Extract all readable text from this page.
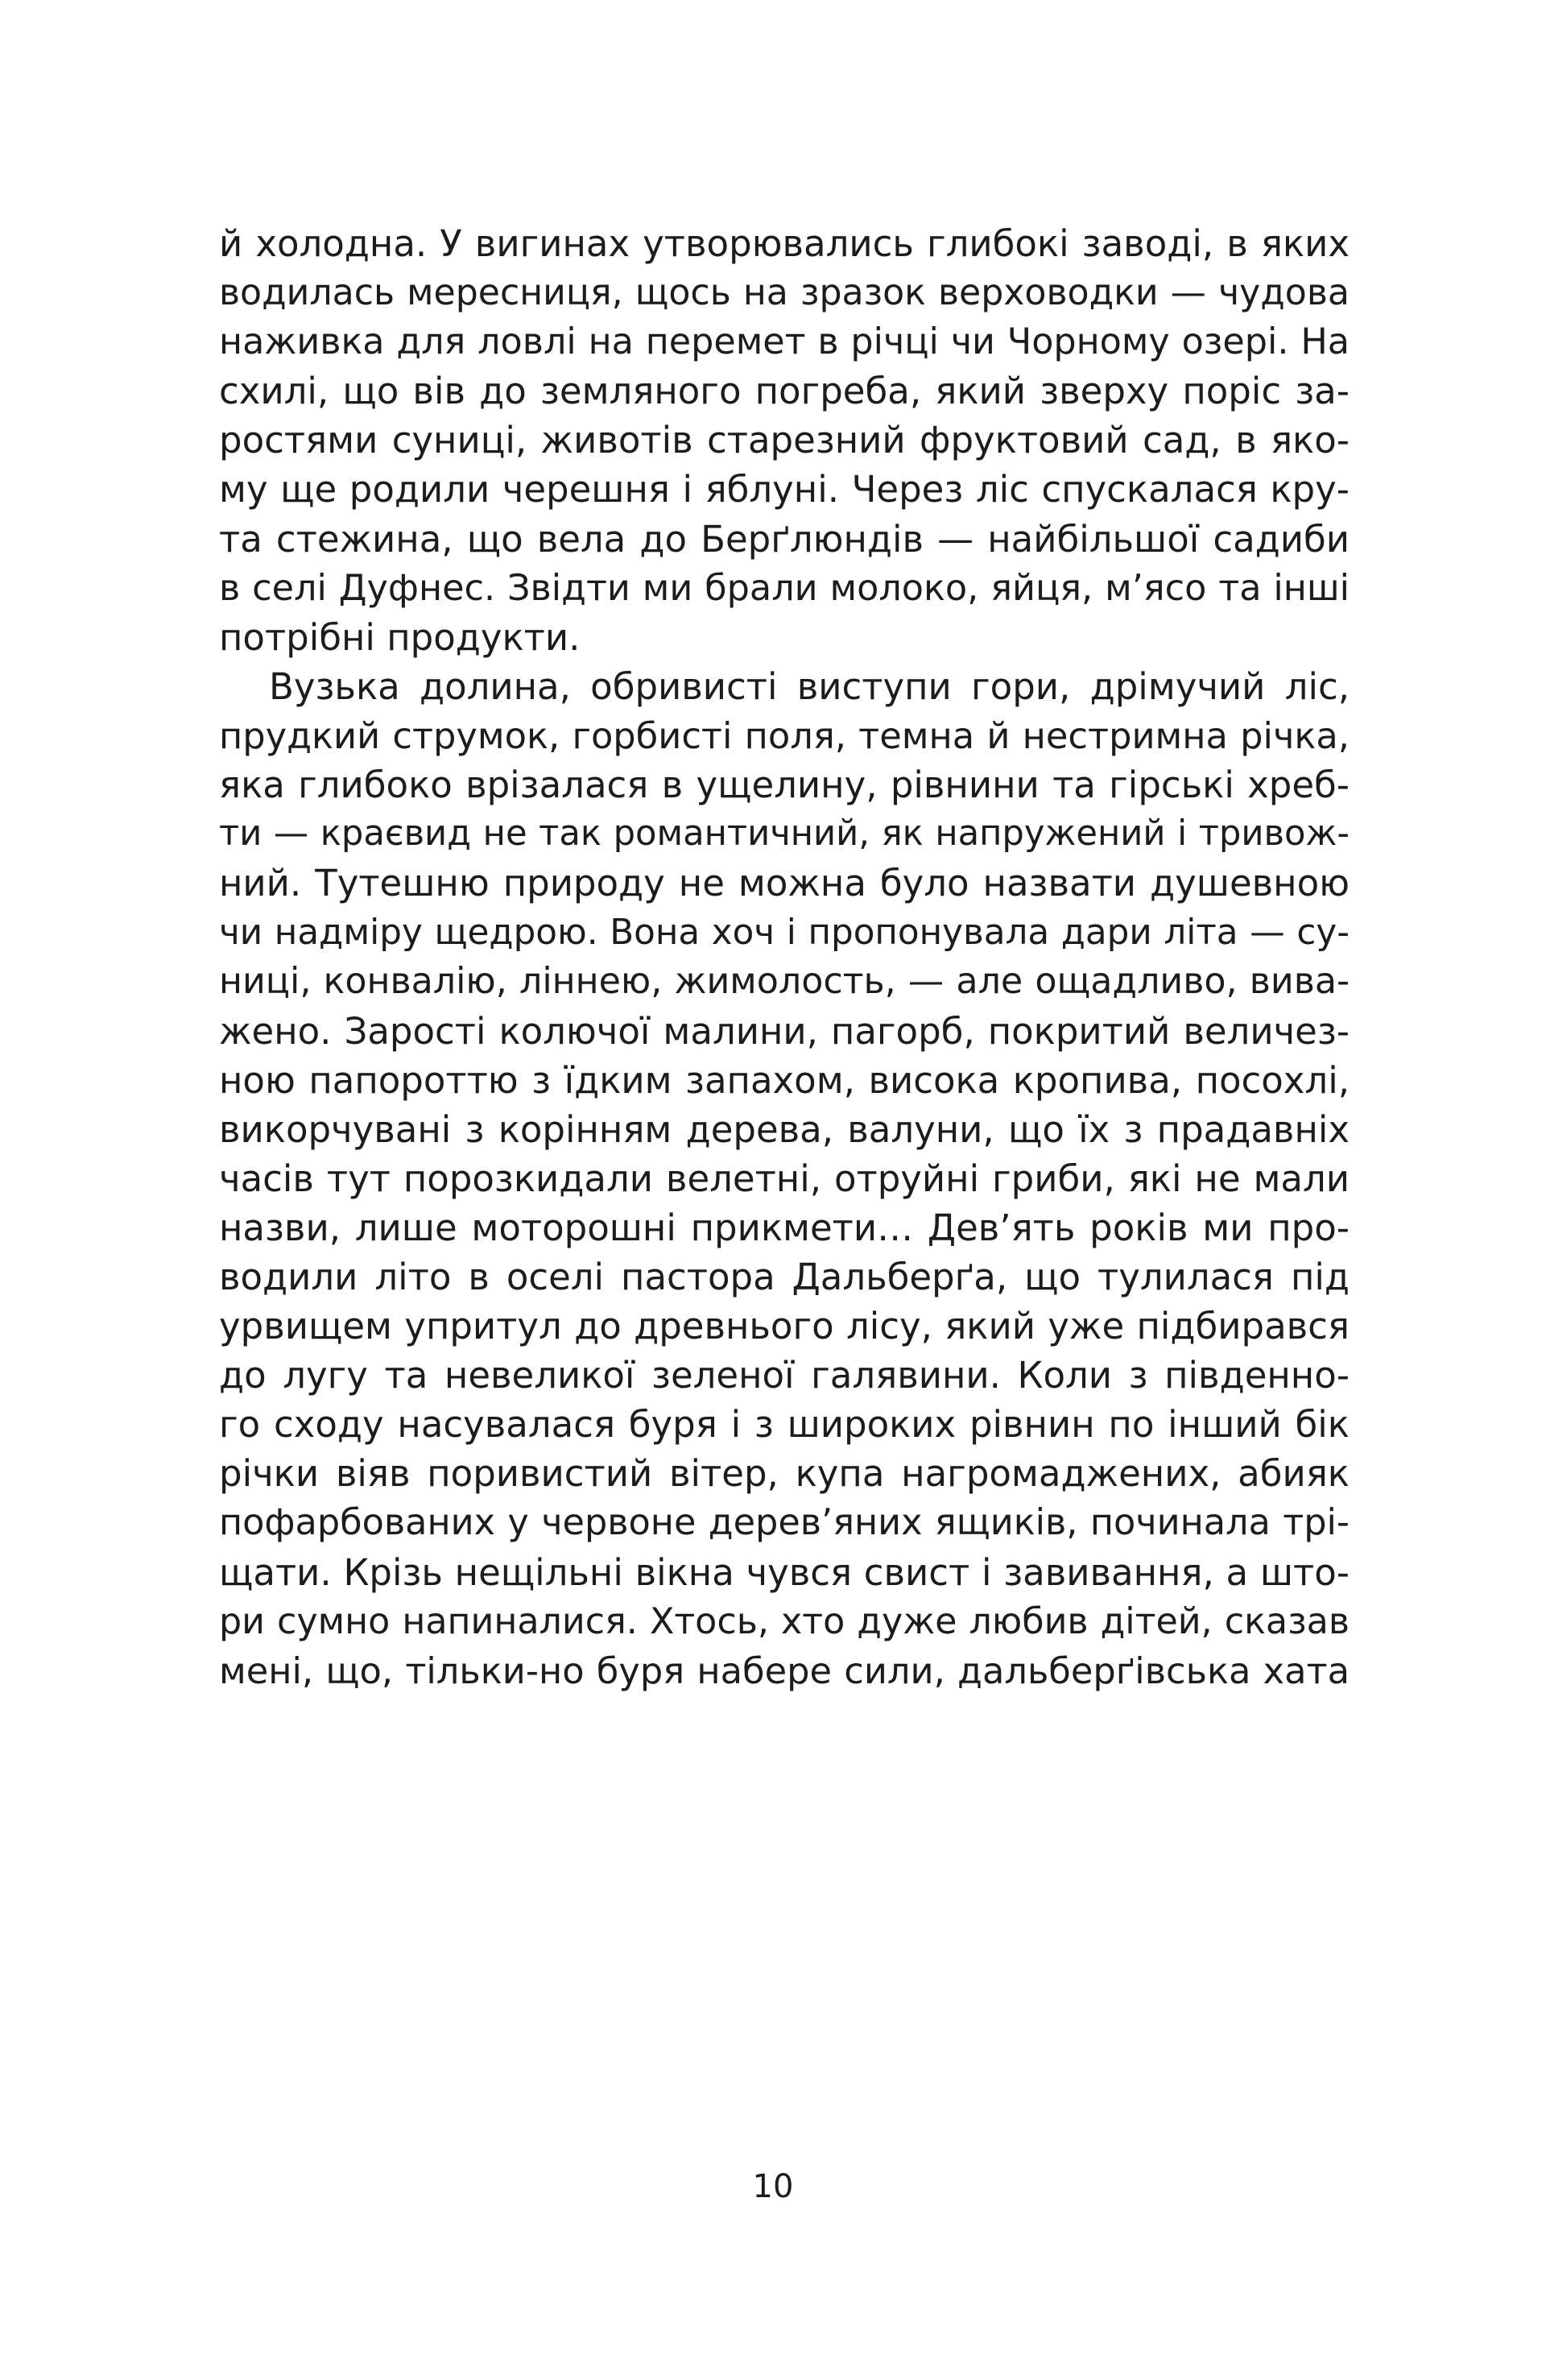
й холодна. У вигинах утворювались глибокі заводі, в яких
водилась мересниця, щось на зразок верховодки — чудова
наживка для ловлі на перемет в річці чи Чорному озері. На
схилі, що вів до земляного погреба, який зверху поріс за-
ростями суниці, животів старезний фруктовий сад, в яко-
му ще родили черешня і яблуні. Через ліс спускалася кру-
та стежина, що вела до Берґлюндів — найбільшої садиби
в селі Дуфнес. Звідти ми брали молоко, яйця, м’ясо та інші
потрібні продукти.
Вузька долина, обривисті виступи гори, дрімучий ліс,
прудкий струмок, горбисті поля, темна й нестримна річка,
яка глибоко врізалася в ущелину, рівнини та гірські хреб-
ти — краєвид не так романтичний, як напружений і тривож-
ний. Тутешню природу не можна було назвати душевною
чи надміру щедрою. Вона хоч і пропонувала дари літа — су-
ниці, конвалію, ліннею, жимолость, — але ощадливо, вива-
жено. Зарості колючої малини, пагорб, покритий величез-
ною папороттю з їдким запахом, висока кропива, посохлі,
викорчувані з корінням дерева, валуни, що їх з прадавніх
часів тут порозкидали велетні, отруйні гриби, які не мали
назви, лише моторошні прикмети… Дев’ять років ми про-
водили літо в оселі пастора Дальберґа, що тулилася під
урвищем упритул до древнього лісу, який уже підбирався
до лугу та невеликої зеленої галявини. Коли з південно-
го сходу насувалася буря і з широких рівнин по інший бік
річки віяв поривистий вітер, купа нагромаджених, абияк
пофарбованих у червоне дерев’яних ящиків, починала трі-
щати. Крізь нещільні вікна чувся свист і завивання, а што-
ри сумно напиналися. Хтось, хто дуже любив дітей, сказав
мені, що, тільки-но буря набере сили, дальберґівська хата
10
